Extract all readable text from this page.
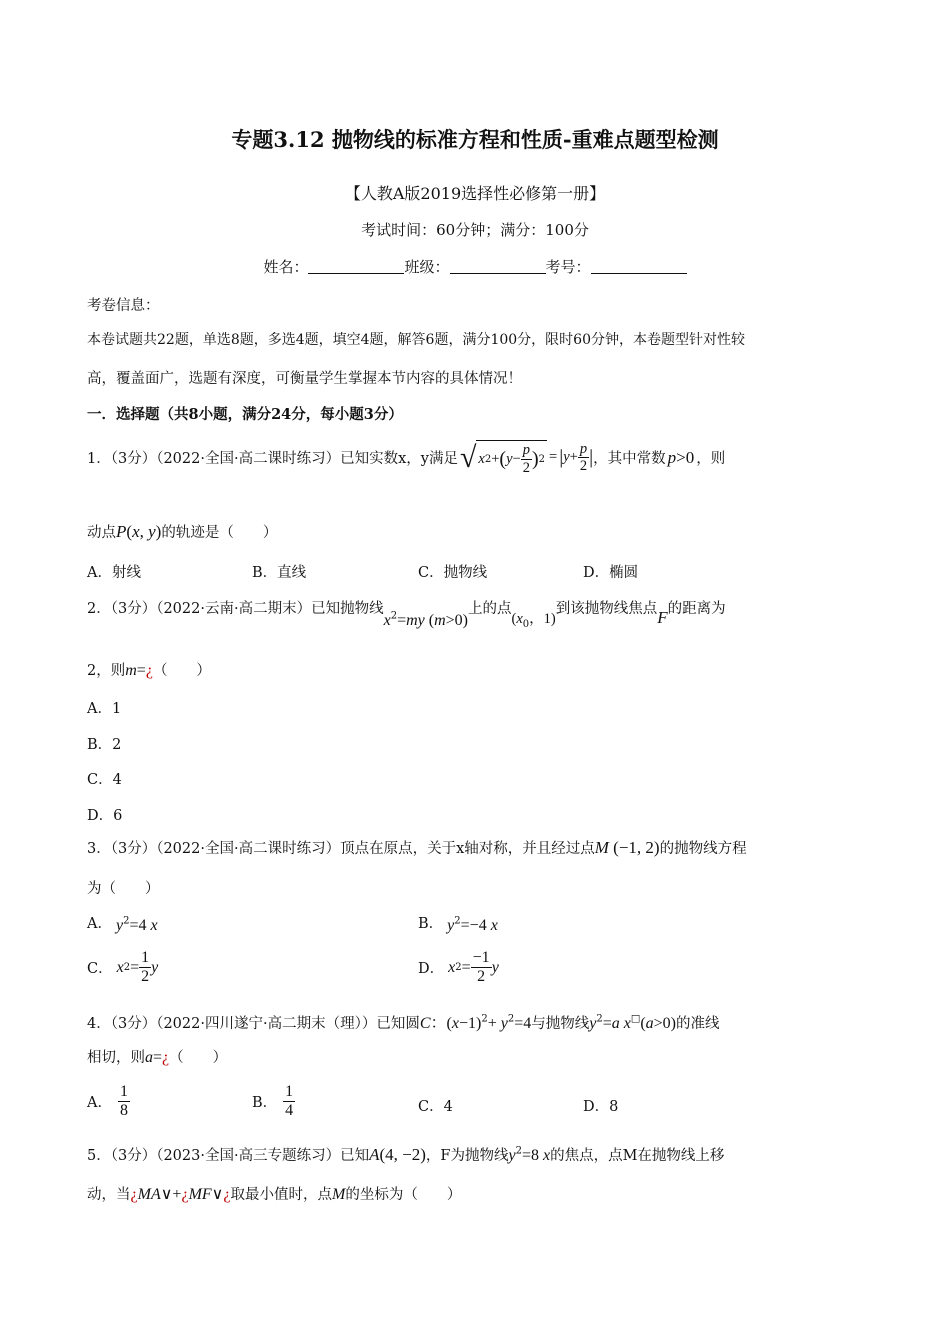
专题3.12 抛物线的标准方程和性质-重难点题型检测
【人教A版2019选择性必修第一册】
考试时间：60分钟；满分：100分
姓名：	班级：	考号：
考卷信息：
本卷试题共22题，单选8题，多选4题，填空4题，解答6题，满分100分，限时60分钟，本卷题型针对性较
高，覆盖面广，选题有深度，可衡量学生掌握本节内容的具体情况！
一．选择题（共8小题，满分24分，每小题3分）
1．（3分）（2022·全国·高二课时练习）已知实数x，y满足 √ x 2 + ( $y - \frac{p}{2}$ ) 2 = | $y + \frac{p}{2}$ | ，其中常数 p>0 ，则
动点P(x, y)的轨迹是（　　）
A．射线	B．直线	C．抛物线	D．椭圆
2．（3分）（2022·云南·高二期末）已知抛物线$x^2=my$ (m>0)上的点($x_0$，1)到该抛物线焦点F的距离为
2，则m=¿（　　）
A．1
B．2
C．4
D．6
3．（3分）（2022·全国·高二课时练习）顶点在原点，关于x轴对称，并且经过点M (−1, 2)的抛物线方程
为（　　）
A． $y^2=4$ x	B． $y^2=-4$ x
C． x $2 = \frac{1}{2}$ y	D． x $2 = \frac{-1}{2}$ y
4．（3分）（2022·四川遂宁·高二期末（理））已知圆C：$(x-1)^2+ y^2=4$与抛物线$y^2=a$ x□(a>0)的准线
相切，则a=¿（　　）
A． $\frac{1}{8}$	B． $\frac{1}{4}$	C．4	D．8
5．（3分）（2023·全国·高三专题练习）已知A(4, −2)，F为抛物线$y^2=8$ x的焦点，点M在抛物线上移
动，当¿MA∨+¿MF∨¿取最小值时，点M的坐标为（　　）
